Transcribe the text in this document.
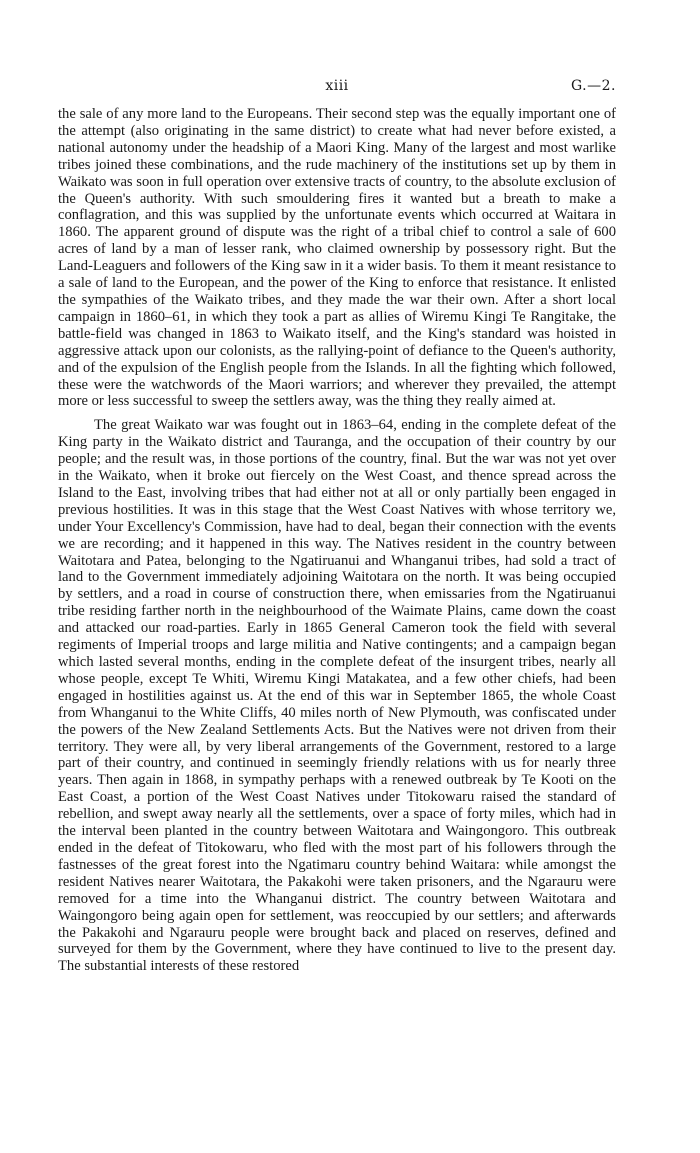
xiii	G.—2.

the sale of any more land to the Europeans. Their second step was the equally important one of the attempt (also originating in the same district) to create what had never before existed, a national autonomy under the headship of a Maori King. Many of the largest and most warlike tribes joined these combinations, and the rude machinery of the institutions set up by them in Waikato was soon in full operation over extensive tracts of country, to the absolute exclusion of the Queen's authority. With such smouldering fires it wanted but a breath to make a conflagration, and this was supplied by the unfortunate events which occurred at Waitara in 1860. The apparent ground of dispute was the right of a tribal chief to control a sale of 600 acres of land by a man of lesser rank, who claimed ownership by possessory right. But the Land-Leaguers and followers of the King saw in it a wider basis. To them it meant resistance to a sale of land to the European, and the power of the King to enforce that resistance. It enlisted the sympathies of the Waikato tribes, and they made the war their own. After a short local campaign in 1860–61, in which they took a part as allies of Wiremu Kingi Te Rangitake, the battle-field was changed in 1863 to Waikato itself, and the King's standard was hoisted in aggressive attack upon our colonists, as the rallying-point of defiance to the Queen's authority, and of the expulsion of the English people from the Islands. In all the fighting which followed, these were the watchwords of the Maori warriors; and wherever they prevailed, the attempt more or less successful to sweep the settlers away, was the thing they really aimed at.

The great Waikato war was fought out in 1863–64, ending in the complete defeat of the King party in the Waikato district and Tauranga, and the occupation of their country by our people; and the result was, in those portions of the country, final. But the war was not yet over in the Waikato, when it broke out fiercely on the West Coast, and thence spread across the Island to the East, involving tribes that had either not at all or only partially been engaged in previous hostilities. It was in this stage that the West Coast Natives with whose territory we, under Your Excellency's Commission, have had to deal, began their connection with the events we are recording; and it happened in this way. The Natives resident in the country between Waitotara and Patea, belonging to the Ngatiruanui and Whanganui tribes, had sold a tract of land to the Government immediately adjoining Waitotara on the north. It was being occupied by settlers, and a road in course of construction there, when emissaries from the Ngatiruanui tribe residing farther north in the neighbourhood of the Waimate Plains, came down the coast and attacked our road-parties. Early in 1865 General Cameron took the field with several regiments of Imperial troops and large militia and Native contingents; and a campaign began which lasted several months, ending in the complete defeat of the insurgent tribes, nearly all whose people, except Te Whiti, Wiremu Kingi Matakatea, and a few other chiefs, had been engaged in hostilities against us. At the end of this war in September 1865, the whole Coast from Whanganui to the White Cliffs, 40 miles north of New Plymouth, was confiscated under the powers of the New Zealand Settlements Acts. But the Natives were not driven from their territory. They were all, by very liberal arrangements of the Government, restored to a large part of their country, and continued in seemingly friendly relations with us for nearly three years. Then again in 1868, in sympathy perhaps with a renewed outbreak by Te Kooti on the East Coast, a portion of the West Coast Natives under Titokowaru raised the standard of rebellion, and swept away nearly all the settlements, over a space of forty miles, which had in the interval been planted in the country between Waitotara and Waingongoro. This outbreak ended in the defeat of Titokowaru, who fled with the most part of his followers through the fastnesses of the great forest into the Ngatimaru country behind Waitara: while amongst the resident Natives nearer Waitotara, the Pakakohi were taken prisoners, and the Ngarauru were removed for a time into the Whanganui district. The country between Waitotara and Waingongoro being again open for settlement, was reoccupied by our settlers; and afterwards the Pakakohi and Ngarauru people were brought back and placed on reserves, defined and surveyed for them by the Government, where they have continued to live to the present day. The substantial interests of these restored
